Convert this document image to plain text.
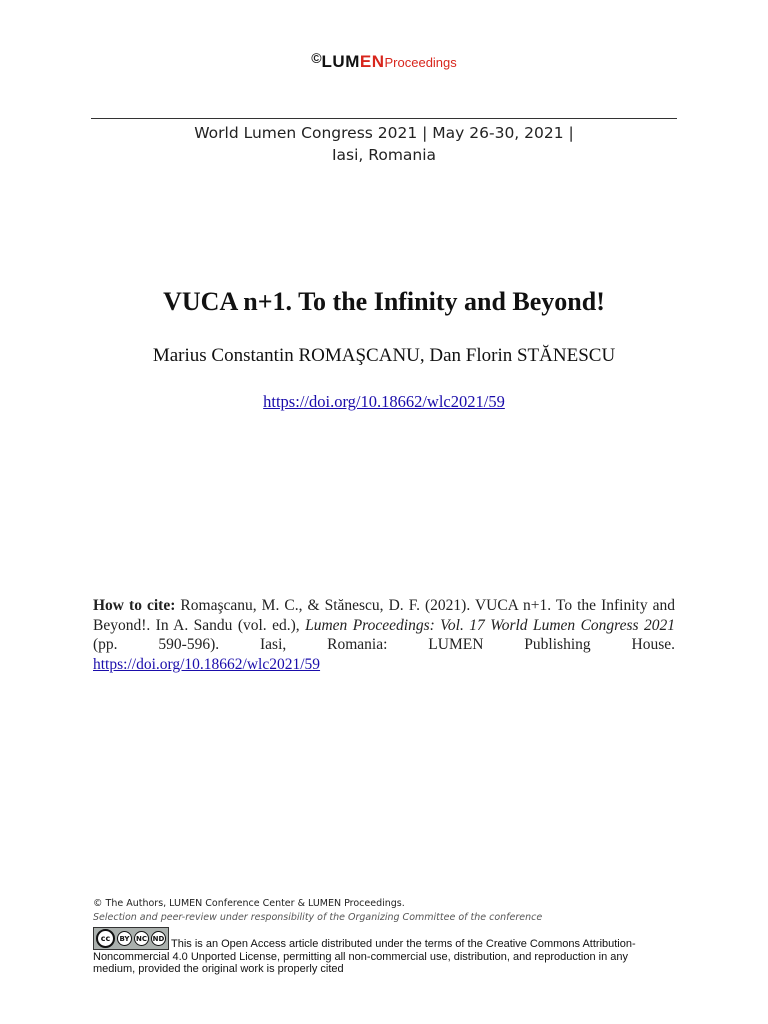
©LUMENProceedings
World Lumen Congress 2021 | May 26-30, 2021 |
Iasi, Romania
VUCA n+1. To the Infinity and Beyond!
Marius Constantin ROMAŞCANU, Dan Florin STĂNESCU
https://doi.org/10.18662/wlc2021/59
How to cite: Romaşcanu, M. C., & Stănescu, D. F. (2021). VUCA n+1. To the Infinity and Beyond!. In A. Sandu (vol. ed.), Lumen Proceedings: Vol. 17 World Lumen Congress 2021 (pp. 590-596). Iasi, Romania: LUMEN Publishing House. https://doi.org/10.18662/wlc2021/59
© The Authors, LUMEN Conference Center & LUMEN Proceedings.
Selection and peer-review under responsibility of the Organizing Committee of the conference
cc	BY NC ND This is an Open Access article distributed under the terms of the Creative Commons Attribution-Noncommercial 4.0 Unported License, permitting all non-commercial use, distribution, and reproduction in any medium, provided the original work is properly cited
